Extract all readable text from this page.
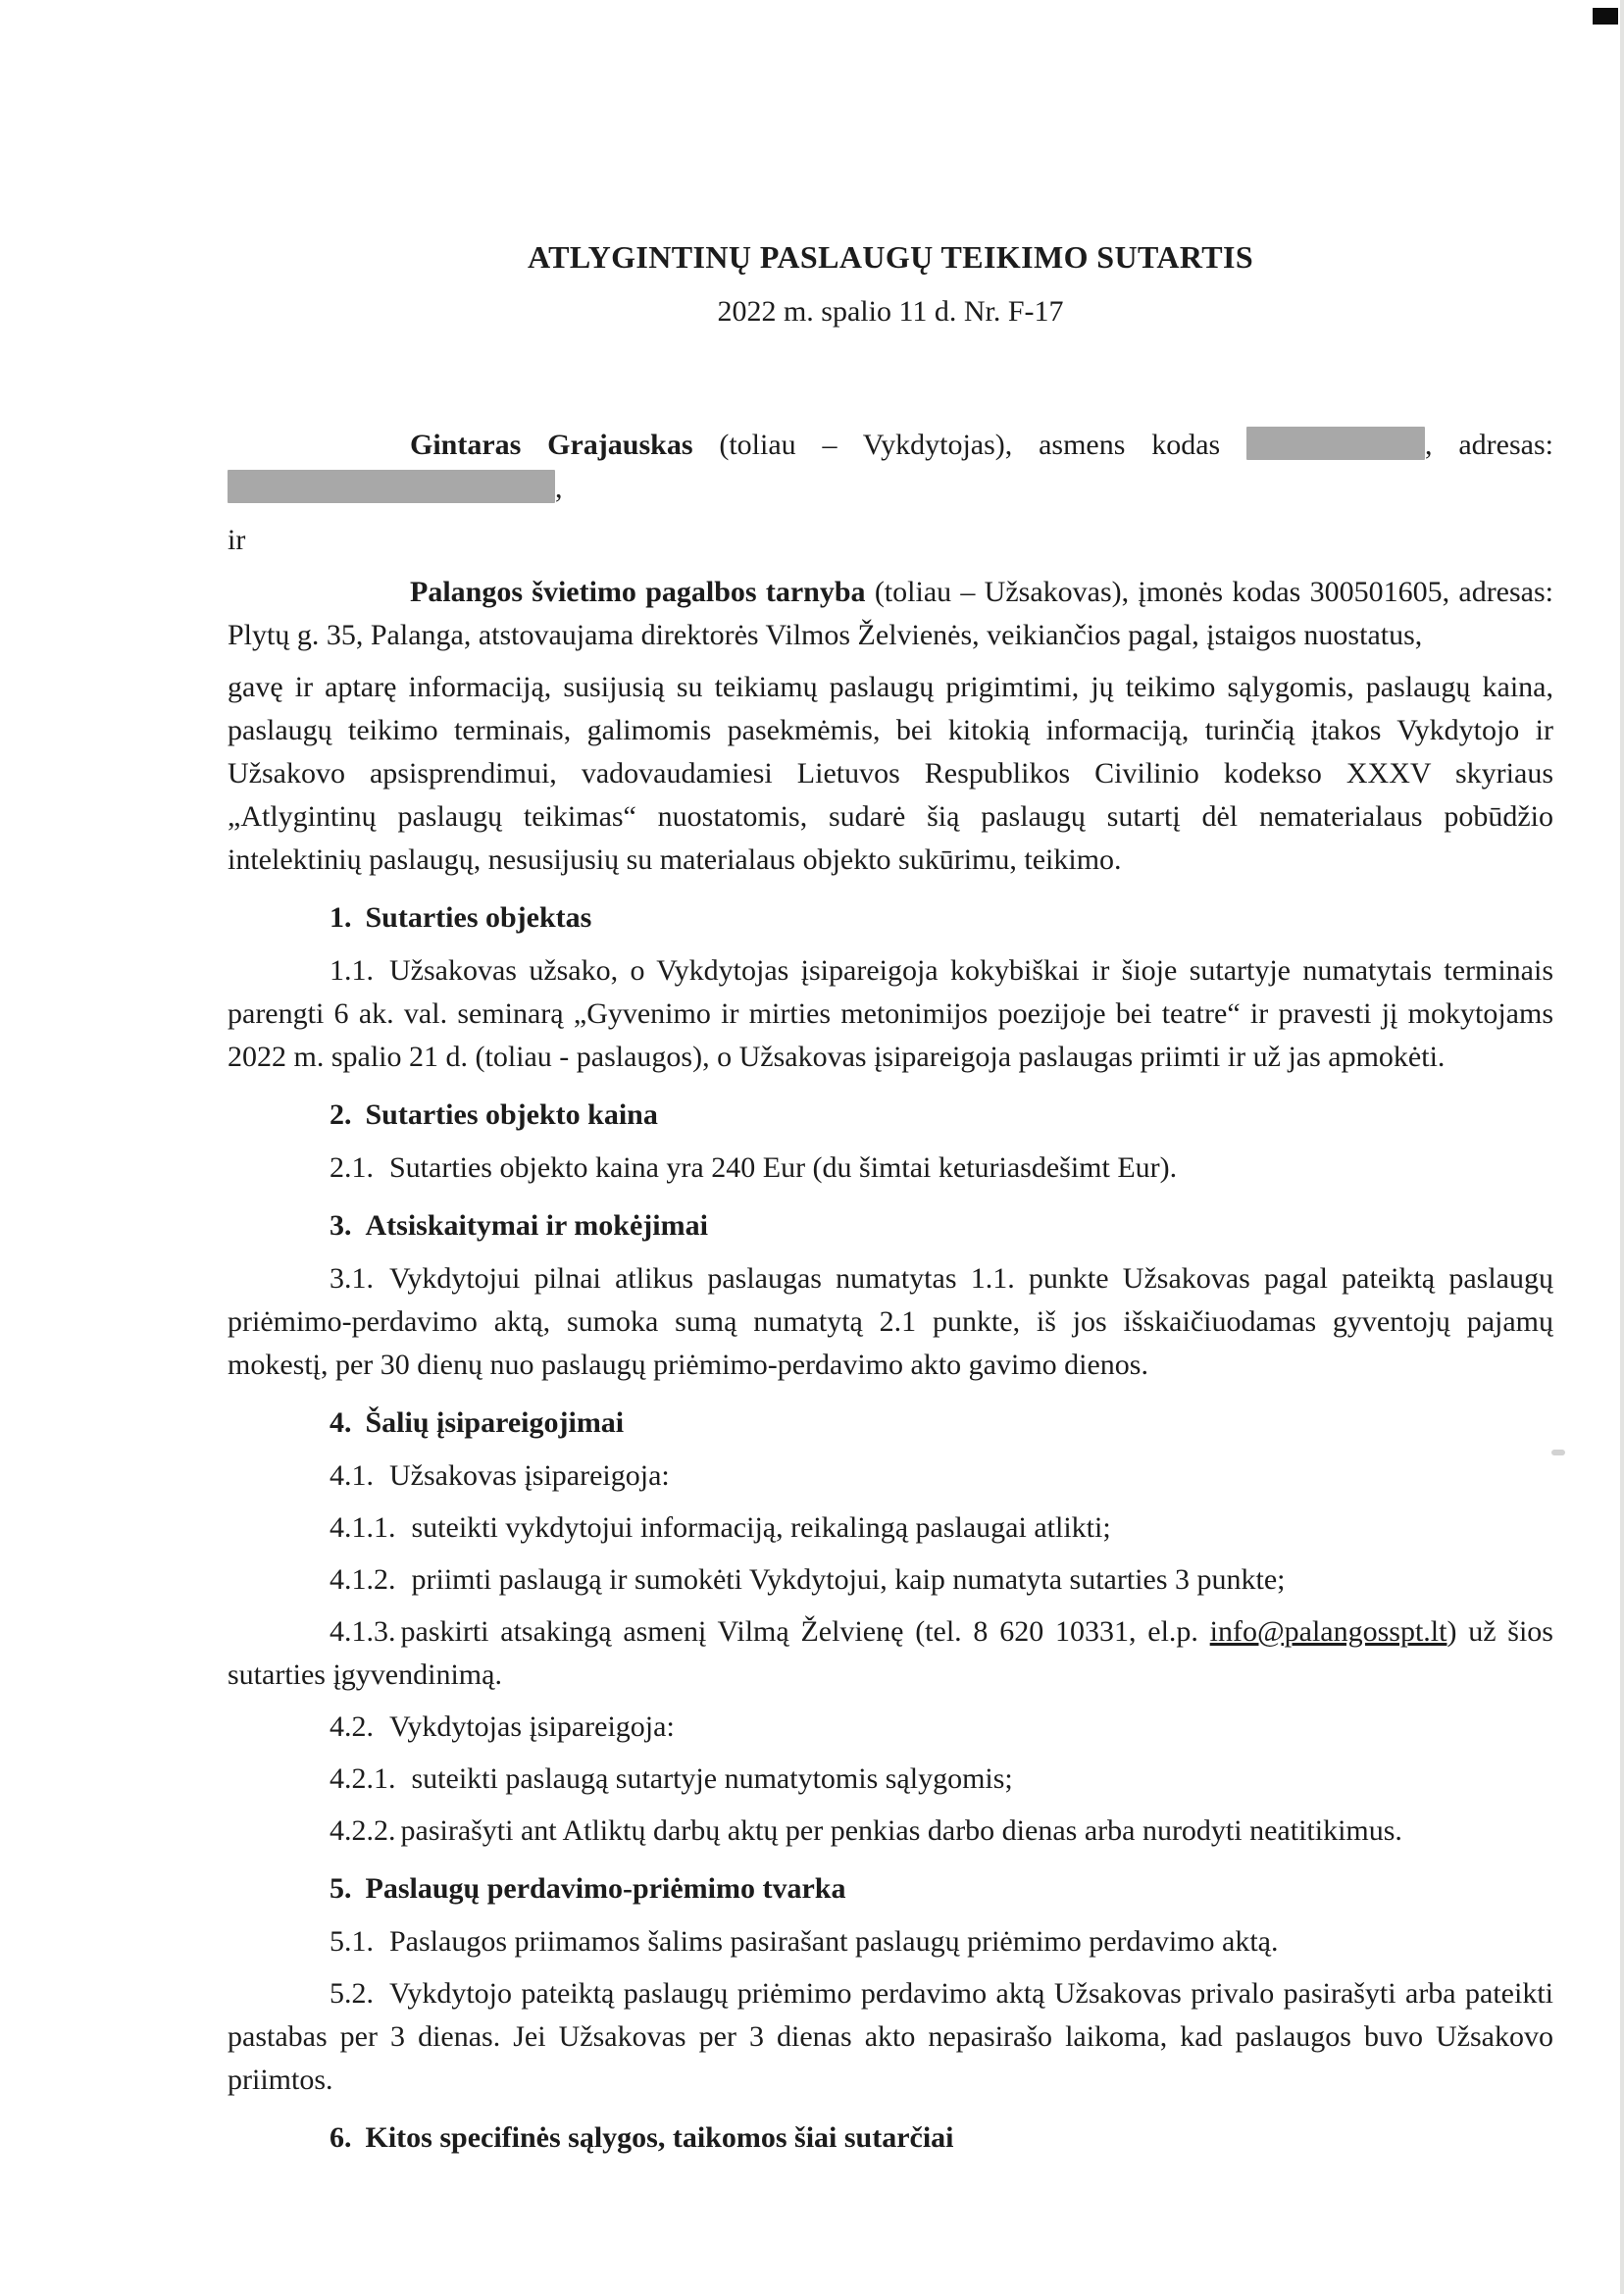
ATLYGINTINŲ PASLAUGŲ TEIKIMO SUTARTIS
2022 m. spalio 11 d. Nr. F-17

Gintaras Grajauskas (toliau – Vykdytojas), asmens kodas	, adresas: ,

ir

Palangos švietimo pagalbos tarnyba (toliau – Užsakovas), įmonės kodas 300501605, adresas: Plytų g. 35, Palanga, atstovaujama direktorės Vilmos Želvienės, veikiančios pagal, įstaigos nuostatus,

gavę ir aptarę informaciją, susijusią su teikiamų paslaugų prigimtimi, jų teikimo sąlygomis, paslaugų kaina, paslaugų teikimo terminais, galimomis pasekmėmis, bei kitokią informaciją, turinčią įtakos Vykdytojo ir Užsakovo apsisprendimui, vadovaudamiesi Lietuvos Respublikos Civilinio kodekso XXXV skyriaus „Atlygintinų paslaugų teikimas“ nuostatomis, sudarė šią paslaugų sutartį dėl nematerialaus pobūdžio intelektinių paslaugų, nesusijusių su materialaus objekto sukūrimu, teikimo.

1. Sutarties objektas

1.1. Užsakovas užsako, o Vykdytojas įsipareigoja kokybiškai ir šioje sutartyje numatytais terminais parengti 6 ak. val. seminarą „Gyvenimo ir mirties metonimijos poezijoje bei teatre“ ir pravesti jį mokytojams 2022 m. spalio 21 d. (toliau - paslaugos), o Užsakovas įsipareigoja paslaugas priimti ir už jas apmokėti.

2. Sutarties objekto kaina

2.1. Sutarties objekto kaina yra 240 Eur (du šimtai keturiasdešimt Eur).

3. Atsiskaitymai ir mokėjimai

3.1. Vykdytojui pilnai atlikus paslaugas numatytas 1.1. punkte Užsakovas pagal pateiktą paslaugų priėmimo-perdavimo aktą, sumoka sumą numatytą 2.1 punkte, iš jos išskaičiuodamas gyventojų pajamų mokestį, per 30 dienų nuo paslaugų priėmimo-perdavimo akto gavimo dienos.

4. Šalių įsipareigojimai

4.1. Užsakovas įsipareigoja:

4.1.1. suteikti vykdytojui informaciją, reikalingą paslaugai atlikti;

4.1.2. priimti paslaugą ir sumokėti Vykdytojui, kaip numatyta sutarties 3 punkte;

4.1.3. paskirti atsakingą asmenį Vilmą Želvienę (tel. 8 620 10331, el.p. info@palangosspt.lt) už šios sutarties įgyvendinimą.

4.2. Vykdytojas įsipareigoja:

4.2.1. suteikti paslaugą sutartyje numatytomis sąlygomis;

4.2.2. pasirašyti ant Atliktų darbų aktų per penkias darbo dienas arba nurodyti neatitikimus.

5. Paslaugų perdavimo-priėmimo tvarka

5.1. Paslaugos priimamos šalims pasirašant paslaugų priėmimo perdavimo aktą.

5.2. Vykdytojo pateiktą paslaugų priėmimo perdavimo aktą Užsakovas privalo pasirašyti arba pateikti pastabas per 3 dienas. Jei Užsakovas per 3 dienas akto nepasirašo laikoma, kad paslaugos buvo Užsakovo priimtos.

6. Kitos specifinės sąlygos, taikomos šiai sutarčiai
